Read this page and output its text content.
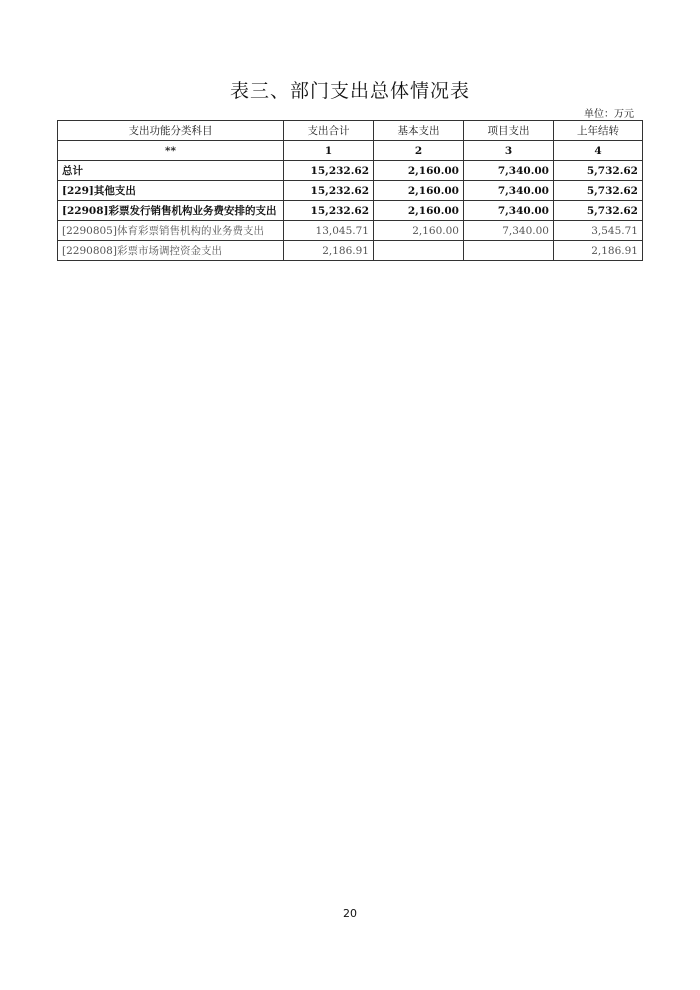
表三、部门支出总体情况表
单位：万元
支出功能分类科目	支出合计	基本支出	项目支出	上年结转
**	1	2	3	4
总计	15,232.62	2,160.00	7,340.00	5,732.62
[229]其他支出	15,232.62	2,160.00	7,340.00	5,732.62
[22908]彩票发行销售机构业务费安排的支出	15,232.62	2,160.00	7,340.00	5,732.62
[2290805]体育彩票销售机构的业务费支出	13,045.71	2,160.00	7,340.00	3,545.71
[2290808]彩票市场调控资金支出	2,186.91			2,186.91
20
